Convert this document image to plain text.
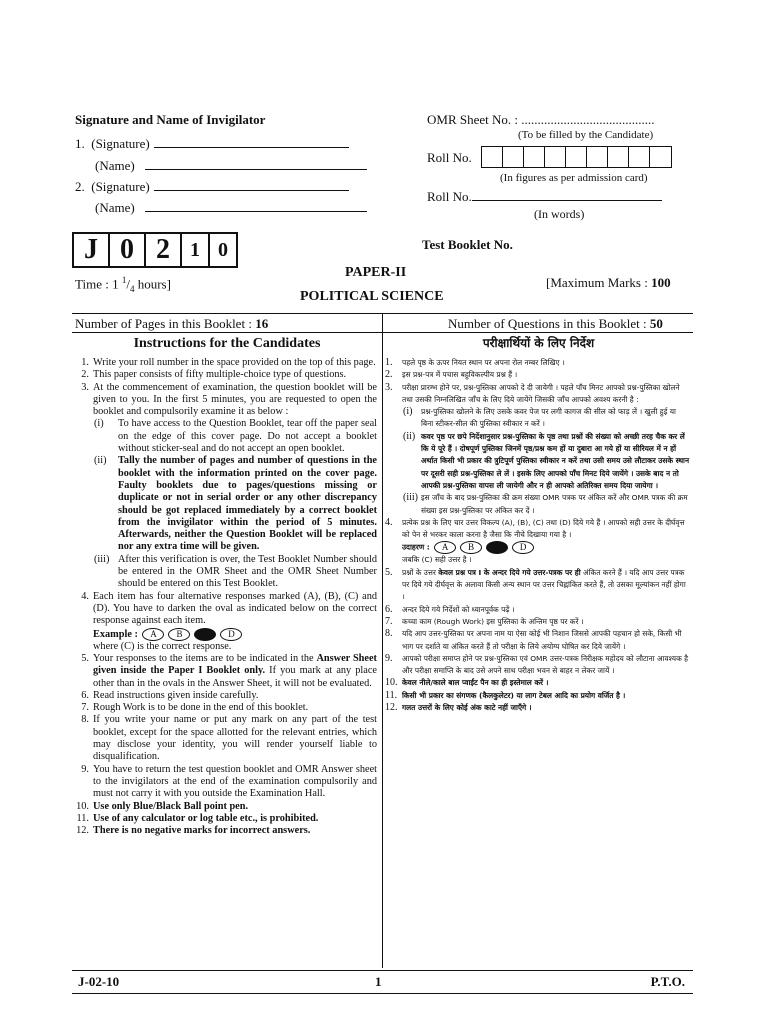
Signature and Name of Invigilator
1.  (Signature)
(Name)
2.  (Signature)
(Name)
OMR Sheet No. : .........................................
(To be filled by the Candidate)
Roll No.
(In figures as per admission card)
Roll No.
(In words)
J 0 2	1 0	Test Booklet No.
PAPER-II
POLITICAL SCIENCE
Time : 1 $^1/_4$ hours]	[Maximum Marks : 100
Number of Pages in this Booklet : 16	Number of Questions in this Booklet : 50
Instructions for the Candidates	परीक्षार्थियों के लिए निर्देश
1. Write your roll number in the space provided on the top of this page.
2. This paper consists of fifty multiple-choice type of questions.
3. At the commencement of examination, the question booklet will be given to you. In the first 5 minutes, you are requested to open the booklet and compulsorily examine it as below :
(i)	To have access to the Question Booklet, tear off the paper seal on the edge of this cover page. Do not accept a booklet without sticker-seal and do not accept an open booklet.
(ii)	Tally the number of pages and number of questions in the booklet with the information printed on the cover page. Faulty booklets due to pages/questions missing or duplicate or not in serial order or any other discrepancy should be got replaced immediately by a correct booklet from the invigilator within the period of 5 minutes. Afterwards, neither the Question Booklet will be replaced nor any extra time will be given.
(iii) After this verification is over, the Test Booklet Number should be entered in the OMR Sheet and the OMR Sheet Number should be entered on this Test Booklet.
4. Each item has four alternative responses marked (A), (B), (C) and (D). You have to darken the oval as indicated below on the correct response against each item.
Example : A B	D
where (C) is the correct response.
5. Your responses to the items are to be indicated in the Answer Sheet given inside the Paper I Booklet only. If you mark at any place other than in the ovals in the Answer Sheet, it will not be evaluated.
6. Read instructions given inside carefully.
7. Rough Work is to be done in the end of this booklet.
8. If you write your name or put any mark on any part of the test booklet, except for the space allotted for the relevant entries, which may disclose your identity, you will render yourself liable to disqualification.
9. You have to return the test question booklet and OMR Answer sheet to the invigilators at the end of the examination compulsorily and must not carry it with you outside the Examination Hall.
10. Use only Blue/Black Ball point pen.
11. Use of any calculator or log table etc., is prohibited.
12. There is no negative marks for incorrect answers.
1.	पहले पृष्ठ के ऊपर नियत स्थान पर अपना रोल नम्बर लिखिए ।
2.	इस प्रश्न-पत्र में पचास बहुविकल्पीय प्रश्न हैं ।
3.	परीक्षा प्रारम्भ होने पर, प्रश्न-पुस्तिका आपको दे दी जायेगी । पहले पाँच मिनट आपको प्रश्न-पुस्तिका खोलने तथा उसकी निम्नलिखित जाँच के लिए दिये जायेंगे जिसकी जाँच आपको अवश्य करनी है :
(i)	प्रश्न-पुस्तिका खोलने के लिए उसके कवर पेज पर लगी कागज की सील को फाड़ लें । खुली हुई या बिना स्टीकर-सील की पुस्तिका स्वीकार न करें ।
(ii) कवर पृष्ठ पर छपे निर्देशानुसार प्रश्न-पुस्तिका के पृष्ठ तथा प्रश्नों की संख्या को अच्छी तरह चैक कर लें कि ये पूरे हैं । दोषपूर्ण पुस्तिका जिनमें पृष्ठ/प्रश्न कम हों या दुबारा आ गये हों या सीरियल में न हों अर्थात किसी भी प्रकार की त्रुटिपूर्ण पुस्तिका स्वीकार न करें तथा उसी समय उसे लौटाकर उसके स्थान पर दूसरी सही प्रश्न-पुस्तिका ले लें । इसके लिए आपको पाँच मिनट दिये जायेंगे । उसके बाद न तो आपकी प्रश्न-पुस्तिका वापस ली जायेगी और न ही आपको अतिरिक्त समय दिया जायेगा ।
(iii) इस जाँच के बाद प्रश्न-पुस्तिका की क्रम संख्या OMR पत्रक पर अंकित करें और OMR पत्रक की क्रम संख्या इस प्रश्न-पुस्तिका पर अंकित कर दें ।
4.	प्रत्येक प्रश्न के लिए चार उत्तर विकल्प (A), (B), (C) तथा (D) दिये गये हैं । आपको सही उत्तर के दीर्घवृत्त को पेन से भरकर काला करना है जैसा कि नीचे दिखाया गया है ।
उदाहरण : A B	D
जबकि (C) सही उत्तर है ।
5.	प्रश्नों के उत्तर केवल प्रश्न पत्र I के अन्दर दिये गये उत्तर-पत्रक पर ही अंकित करने हैं । यदि आप उत्तर पत्रक पर दिये गये दीर्घवृत्त के अलावा किसी अन्य स्थान पर उत्तर चिह्नांकित करते हैं, तो उसका मूल्यांकन नहीं होगा ।
6.	अन्दर दिये गये निर्देशों को ध्यानपूर्वक पढ़ें ।
7.	कच्चा काम (Rough Work) इस पुस्तिका के अन्तिम पृष्ठ पर करें ।
8.	यदि आप उत्तर-पुस्तिका पर अपना नाम या ऐसा कोई भी निशान जिससे आपकी पहचान हो सके, किसी भी भाग पर दर्शाते या अंकित करते हैं तो परीक्षा के लिये अयोग्य घोषित कर दिये जायेंगे ।
9.	आपको परीक्षा समाप्त होने पर प्रश्न-पुस्तिका एवं OMR उत्तर-पत्रक निरीक्षक महोदय को लौटाना आवश्यक है और परीक्षा समाप्ति के बाद उसे अपने साथ परीक्षा भवन से बाहर न लेकर जायें ।
10. केवल नीले/काले बाल प्वाईंट पैन का ही इस्तेमाल करें ।
11. किसी भी प्रकार का संगणक (कैलकुलेटर) या लाग टेबल आदि का प्रयोग वर्जित है ।
12. गलत उत्तरों के लिए कोई अंक काटे नहीं जाएँगे ।
J-02-10	1	P.T.O.
